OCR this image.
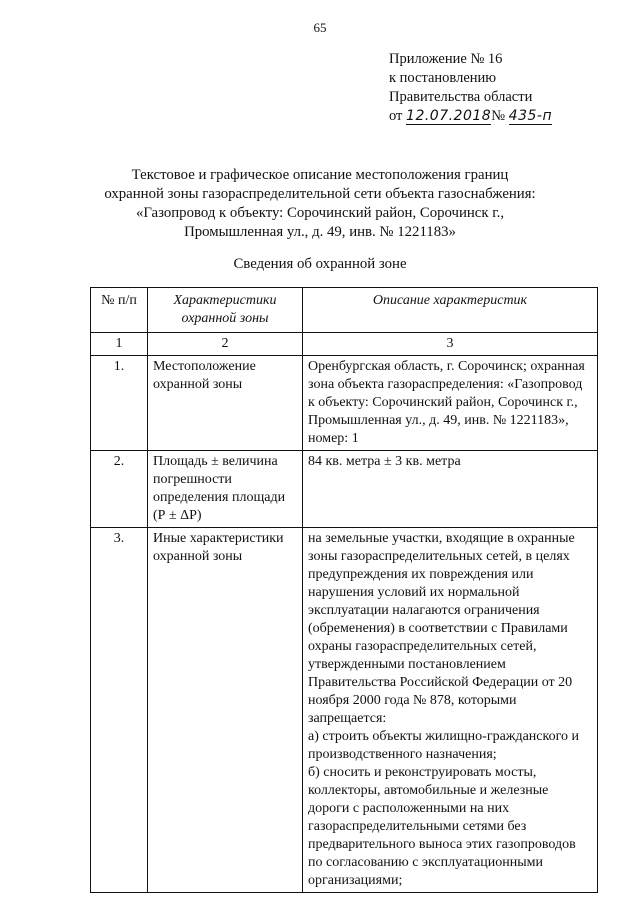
65
Приложение № 16
к постановлению
Правительства области
от 12.07.2018№ 435-п
Текстовое и графическое описание местоположения границ
охранной зоны газораспределительной сети объекта газоснабжения:
«Газопровод к объекту: Сорочинский район, Сорочинск г.,
Промышленная ул., д. 49, инв. № 1221183»
Сведения об охранной зоне
№ п/п	Характеристики охранной зоны	Описание характеристик
1	2	3
1.	Местоположение охранной зоны	Оренбургская область, г. Сорочинск; охранная зона объекта газораспределения: «Газопровод к объекту: Сорочинский район, Сорочинск г., Промышленная ул., д. 49, инв. № 1221183», номер: 1
2.	Площадь ± величина погрешности определения площади (Р ± ΔР)	84 кв. метра ± 3 кв. метра
3.	Иные характеристики охранной зоны	на земельные участки, входящие в охранные зоны газораспределительных сетей, в целях предупреждения их повреждения или нарушения условий их нормальной эксплуатации налагаются ограничения (обременения) в соответствии с Правилами охраны газораспределительных сетей, утвержденными постановлением Правительства Российской Федерации от 20 ноября 2000 года № 878, которыми запрещается:
а) строить объекты жилищно-гражданского и производственного назначения;
б) сносить и реконструировать мосты, коллекторы, автомобильные и железные дороги с расположенными на них газораспределительными сетями без предварительного выноса этих газопроводов по согласованию с эксплуатационными организациями;
